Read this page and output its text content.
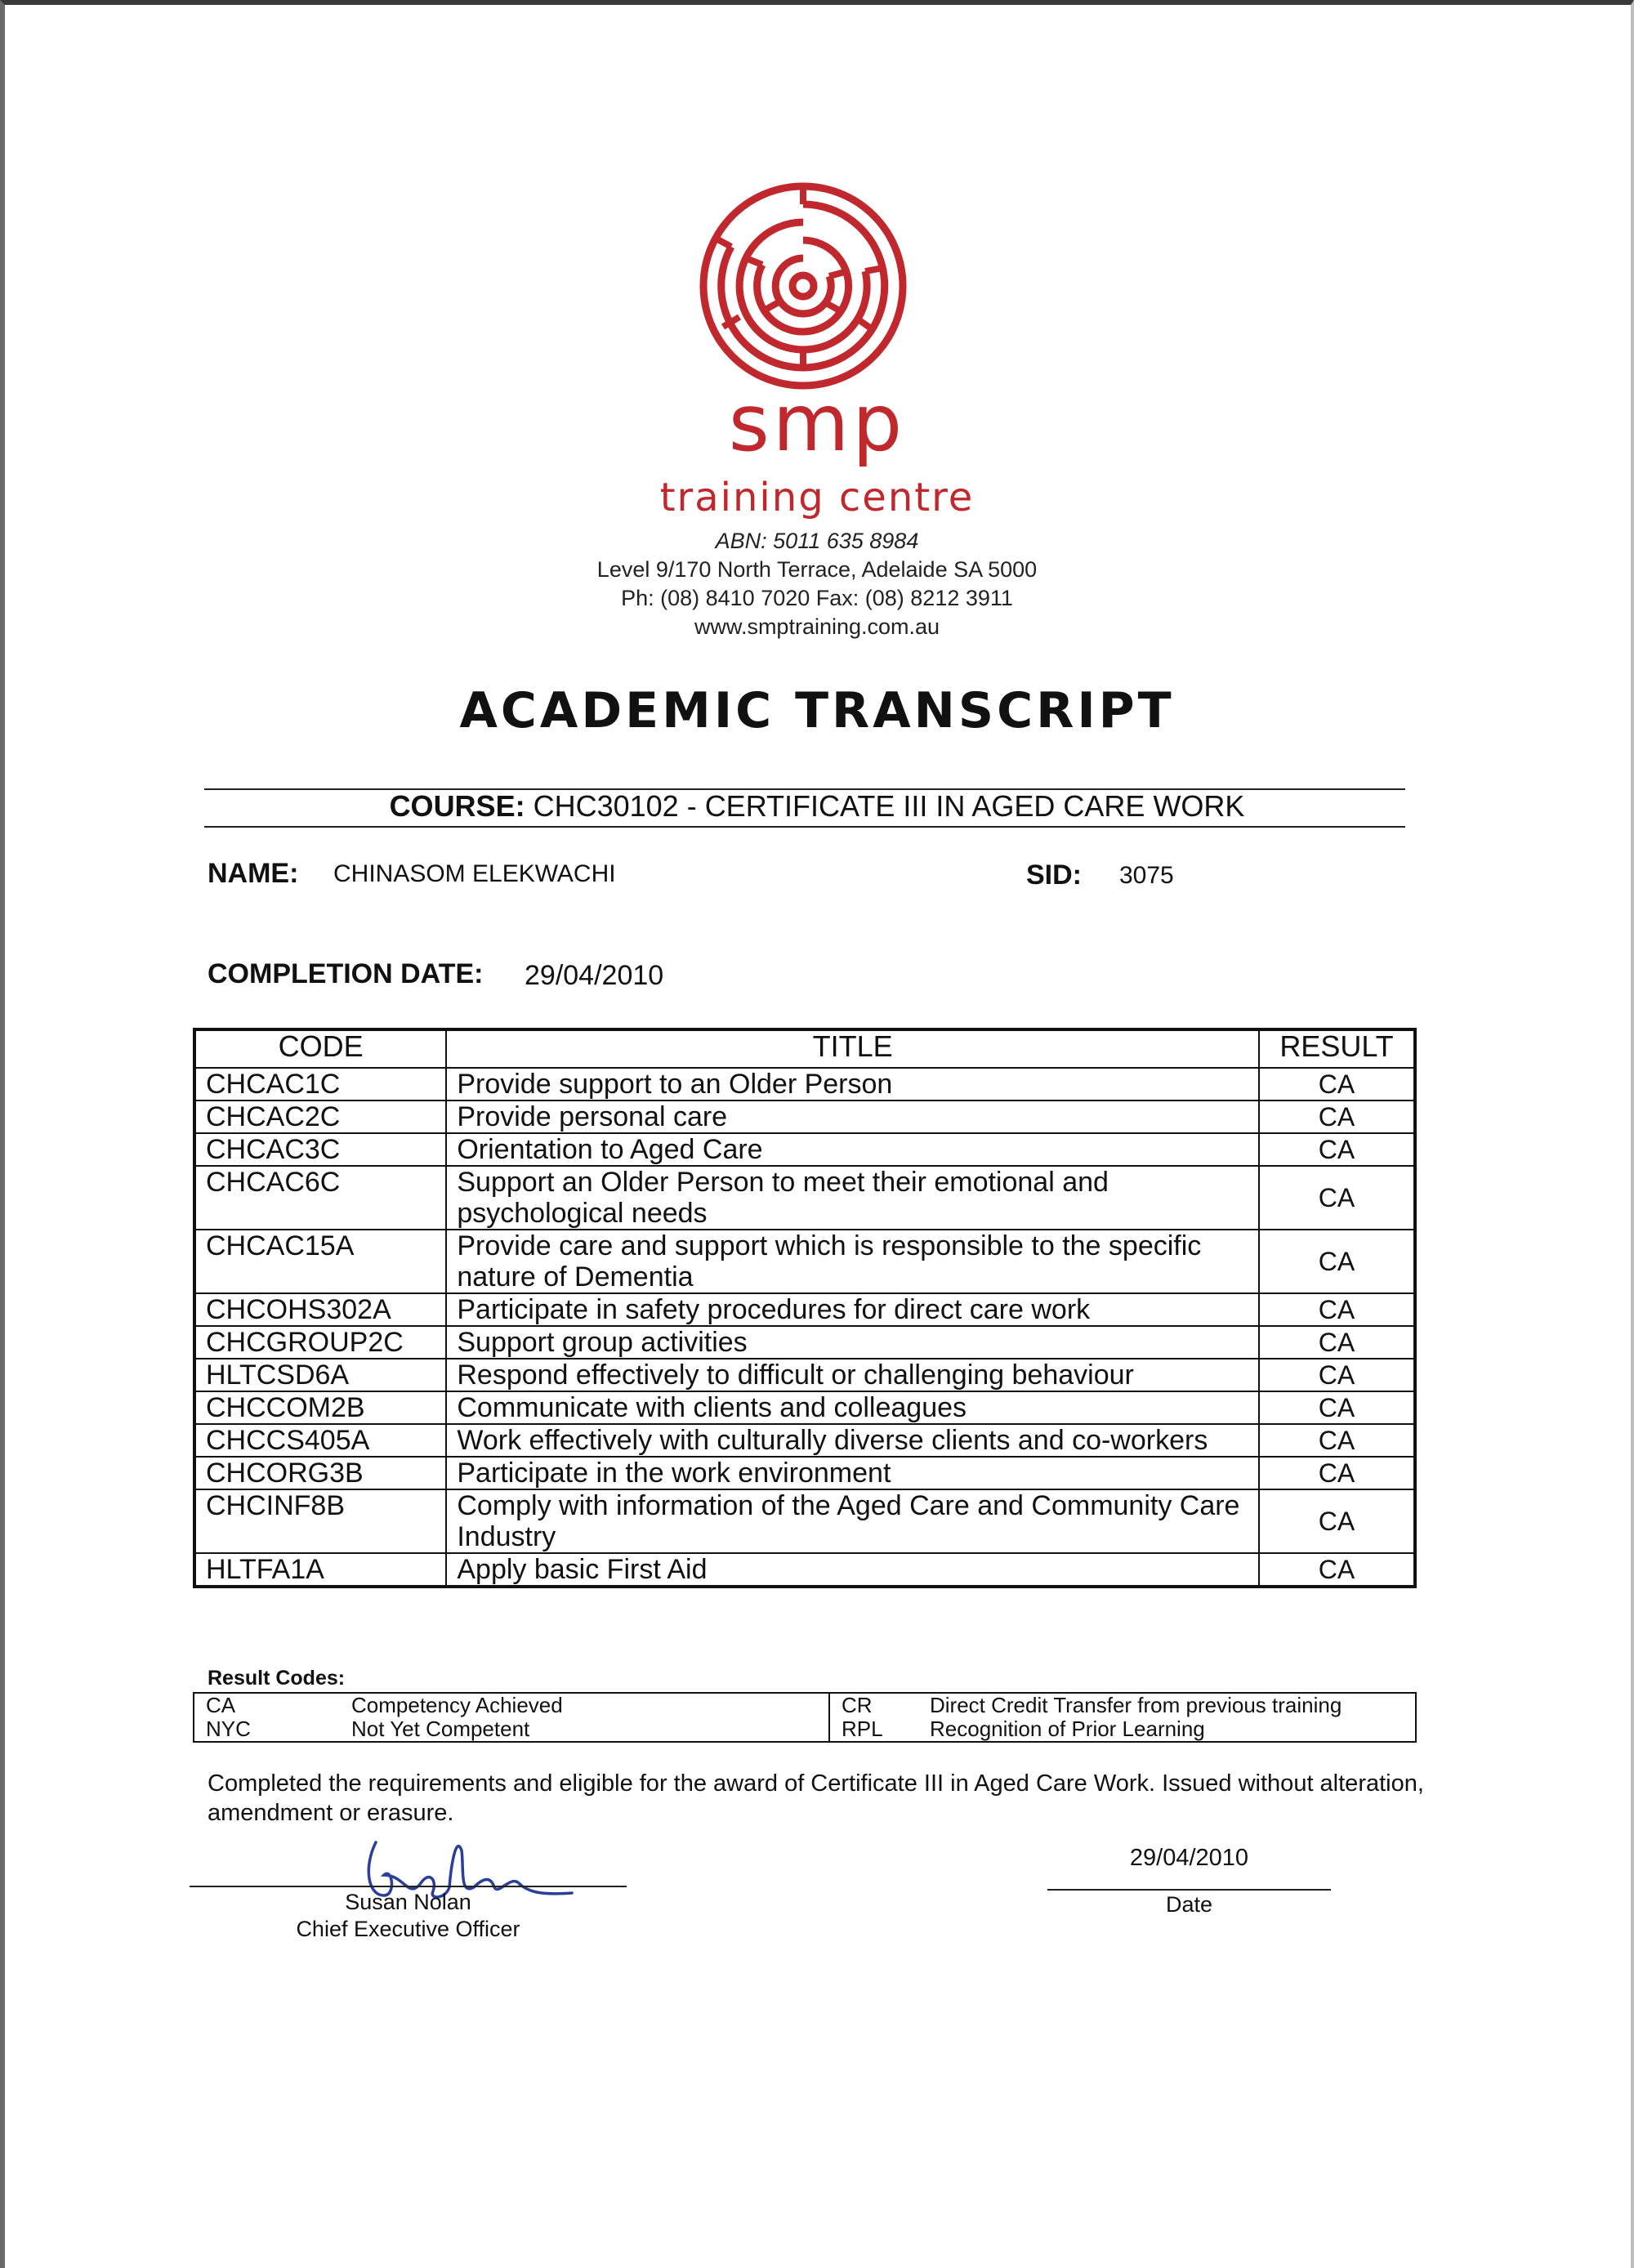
smp
training centre
ABN: 5011 635 8984
Level 9/170 North Terrace, Adelaide SA 5000
Ph: (08) 8410 7020 Fax: (08) 8212 3911
www.smptraining.com.au
ACADEMIC TRANSCRIPT
COURSE: CHC30102 - CERTIFICATE III IN AGED CARE WORK
NAME: CHINASOM ELEKWACHI	SID: 3075
COMPLETION DATE: 29/04/2010
CODE	TITLE	RESULT
CHCAC1C	Provide support to an Older Person	CA
CHCAC2C	Provide personal care	CA
CHCAC3C	Orientation to Aged Care	CA
CHCAC6C	Support an Older Person to meet their emotional and psychological needs	CA
CHCAC15A	Provide care and support which is responsible to the specific nature of Dementia	CA
CHCOHS302A	Participate in safety procedures for direct care work	CA
CHCGROUP2C	Support group activities	CA
HLTCSD6A	Respond effectively to difficult or challenging behaviour	CA
CHCCOM2B	Communicate with clients and colleagues	CA
CHCCS405A	Work effectively with culturally diverse clients and co-workers	CA
CHCORG3B	Participate in the work environment	CA
CHCINF8B	Comply with information of the Aged Care and Community Care Industry	CA
HLTFA1A	Apply basic First Aid	CA
Result Codes:
CA	Competency Achieved	CR	Direct Credit Transfer from previous training
NYC	Not Yet Competent	RPL	Recognition of Prior Learning
Completed the requirements and eligible for the award of Certificate III in Aged Care Work. Issued without alteration, amendment or erasure.
Susan Nolan
Chief Executive Officer
29/04/2010
Date
